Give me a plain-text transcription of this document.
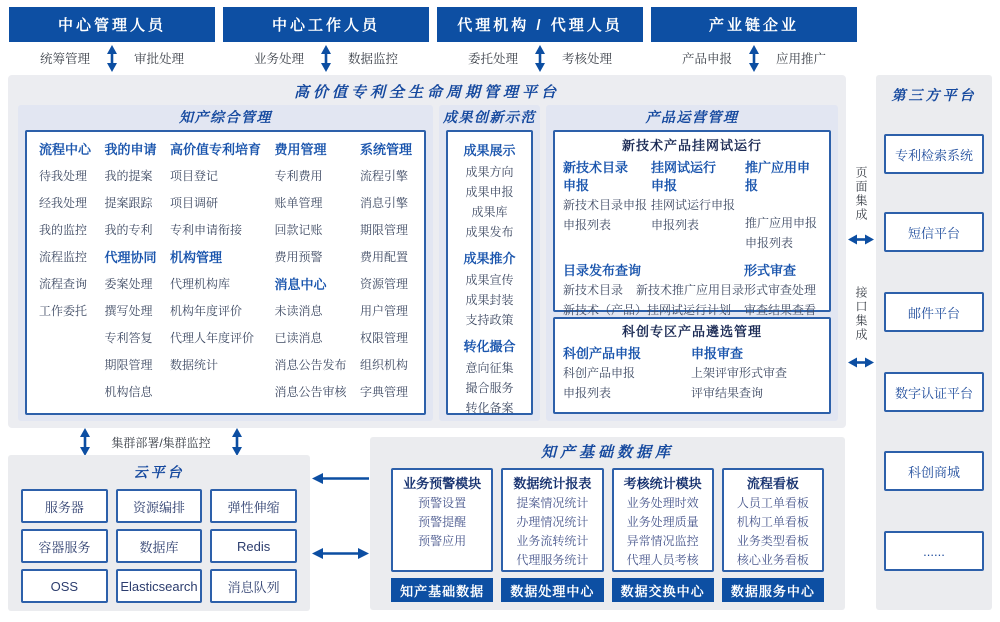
中心管理人员
统筹管理	审批处理
中心工作人员
业务处理	数据监控
代理机构 / 代理人员
委托处理	考核处理
产业链企业
产品申报	应用推广
高价值专利全生命周期管理平台
知产综合管理
流程中心
待我处理
经我处理
我的监控
流程监控
流程查询
工作委托
我的申请
我的提案
提案跟踪
我的专利
代理协同
委案处理
撰写处理
专利答复
期限管理
机构信息
高价值专利培育
项目登记
项目调研
专利申请衔接
机构管理
代理机构库
机构年度评价
代理人年度评价
数据统计
费用管理
专利费用
账单管理
回款记账
费用预警
消息中心
未读消息
已读消息
消息公告发布
消息公告审核
系统管理
流程引擎
消息引擎
期限管理
费用配置
资源管理
用户管理
权限管理
组织机构
字典管理
成果创新示范
成果展示
成果方向
成果申报
成果库
成果发布
成果推介
成果宣传
成果封装
支持政策
转化撮合
意向征集
撮合服务
转化备案
产品运营管理
新技术产品挂网试运行
新技术目录申报
新技术目录申报
申报列表
挂网试运行申报
挂网试运行申报
申报列表
推广应用申报
推广应用申报
申报列表
目录发布查询
新技术目录 新技术推广应用目录
新技术（产品）挂网试运行计划
形式审查
形式审查处理
审查结果查看
科创专区产品遴选管理
科创产品申报
科创产品申报
申报列表
申报审查
上架评审形式审查
评审结果查询
页面集成
接口集成
第三方平台
专利检索系统
短信平台
邮件平台
数字认证平台
科创商城
......
集群部署/集群监控
云平台
服务器	资源编排	弹性伸缩
容器服务	数据库	Redis
OSS	Elasticsearch	消息队列
知产基础数据库
业务预警模块
预警设置
预警提醒
预警应用
知产基础数据
数据统计报表
提案情况统计
办理情况统计
业务流转统计
代理服务统计
数据处理中心
考核统计模块
业务处理时效
业务处理质量
异常情况监控
代理人员考核
数据交换中心
流程看板
人员工单看板
机构工单看板
业务类型看板
核心业务看板
数据服务中心
